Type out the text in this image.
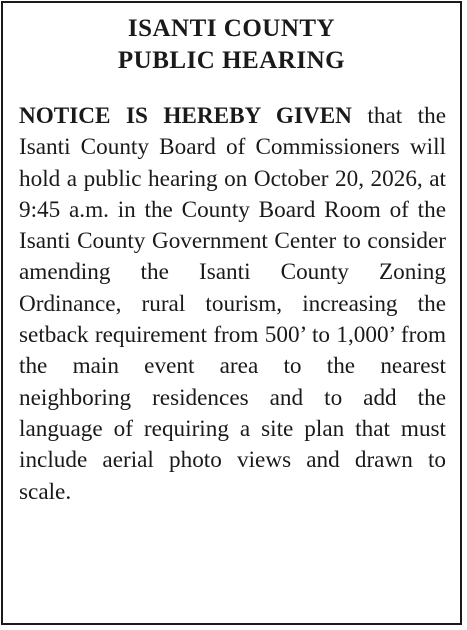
ISANTI COUNTY
PUBLIC HEARING

NOTICE IS HEREBY GIVEN that the Isanti County Board of Commissioners will hold a public hearing on October 20, 2026, at 9:45 a.m. in the County Board Room of the Isanti County Government Center to consider amending the Isanti County Zoning Ordinance, rural tourism, increasing the setback requirement from 500’ to 1,000’ from the main event area to the nearest neighboring residences and to add the language of requiring a site plan that must include aerial photo views and drawn to scale.
